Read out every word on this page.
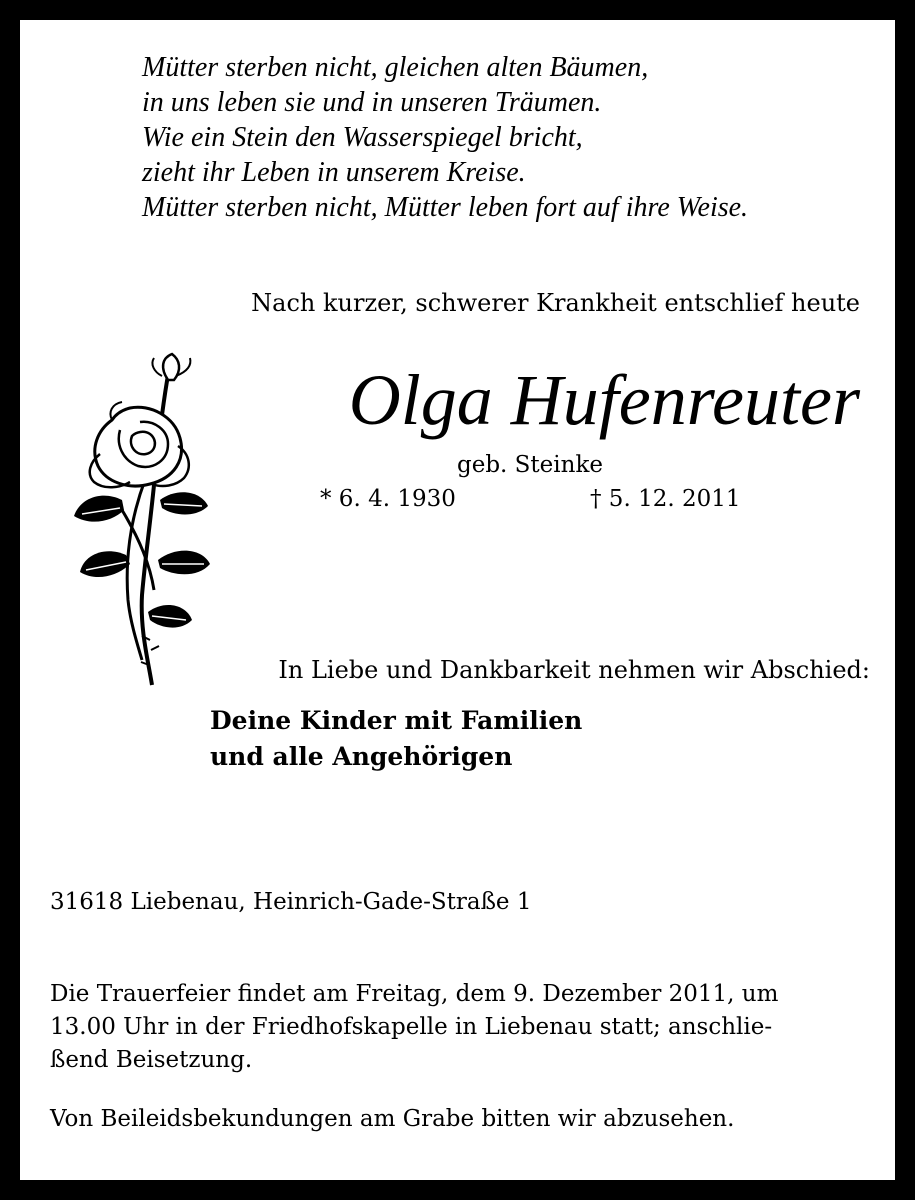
Mütter sterben nicht, gleichen alten Bäumen,
in uns leben sie und in unseren Träumen.
Wie ein Stein den Wasserspiegel bricht,
zieht ihr Leben in unserem Kreise.
Mütter sterben nicht, Mütter leben fort auf ihre Weise.
Nach kurzer, schwerer Krankheit entschlief heute
Olga Hufenreuter
geb. Steinke
* 6. 4. 1930	† 5. 12. 2011
In Liebe und Dankbarkeit nehmen wir Abschied:
Deine Kinder mit Familien
und alle Angehörigen
31618 Liebenau, Heinrich-Gade-Straße 1
Die Trauerfeier findet am Freitag, dem 9. Dezember 2011, um
13.00 Uhr in der Friedhofskapelle in Liebenau statt; anschlie-
ßend Beisetzung.
Von Beileidsbekundungen am Grabe bitten wir abzusehen.
